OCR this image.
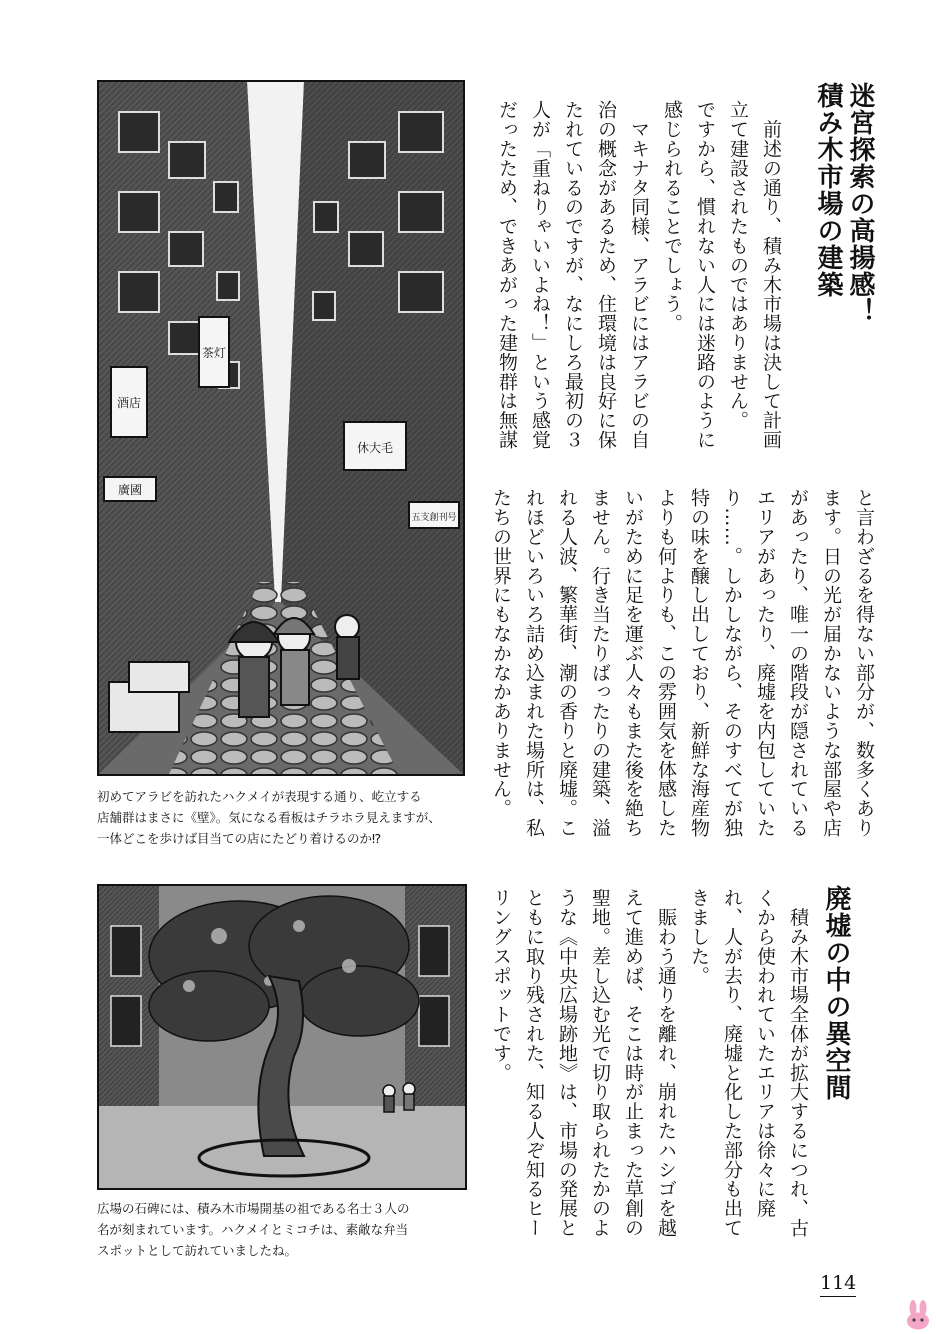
迷宮探索の高揚感！
積み木市場の建築
　前述の通り、積み木市場は決して計画
立て建設されたものではありません。
ですから、慣れない人には迷路のように
感じられることでしょう。
　マキナタ同様、アラビにはアラビの自
治の概念があるため、住環境は良好に保
たれているのですが、なにしろ最初の３
人が「重ねりゃいいよね！」という感覚
だったため、できあがった建物群は無謀
と言わざるを得ない部分が、数多くあり
ます。日の光が届かないような部屋や店
があったり、唯一の階段が隠されている
エリアがあったり、廃墟を内包していた
り……。しかしながら、そのすべてが独
特の味を醸し出しており、新鮮な海産物
よりも何よりも、この雰囲気を体感した
いがために足を運ぶ人々もまた後を絶ち
ません。行き当たりばったりの建築、溢
れる人波、繁華街、潮の香りと廃墟。こ
れほどいろいろ詰め込まれた場所は、私
たちの世界にもなかなかありません。
廃墟の中の異空間
　積み木市場全体が拡大するにつれ、古
くから使われていたエリアは徐々に廃
れ、人が去り、廃墟と化した部分も出て
きました。
　賑わう通りを離れ、崩れたハシゴを越
えて進めば、そこは時が止まった草創の
聖地。差し込む光で切り取られたかのよ
うな《中央広場跡地》は、市場の発展と
ともに取り残された、知る人ぞ知るヒー
リングスポットです。
茶灯
酒店
休大毛
廣國
五支創刊号
初めてアラビを訪れたハクメイが表現する通り、屹立する
店舗群はまさに《壁》。気になる看板はチラホラ見えますが、
一体どこを歩けば目当ての店にたどり着けるのか⁉
広場の石碑には、積み木市場開基の祖である名士３人の
名が刻まれています。ハクメイとミコチは、素敵な弁当
スポットとして訪れていましたね。
114
